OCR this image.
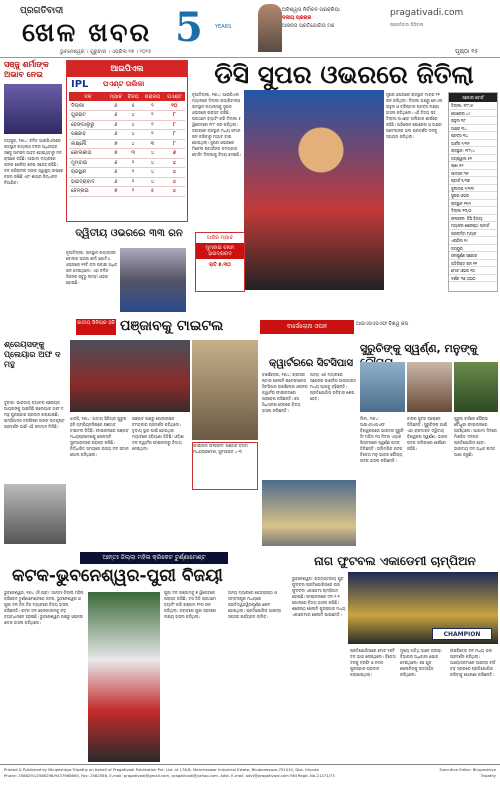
ପ୍ରଗତିବାଦୀ
ଖେଳ ଖବର
ଭୁବନେଶ୍ୱର । ଗୁରୁବାର । ଏପ୍ରିଲ ୧୭ । ୨୦୨୫
5 YEARS
ଅବିଶ୍ୱାସ ନିର୍ବାଚନ ପ୍ରକ୍ରିୟା
ଦଳୀୟ ପ୍ରଚାର
ଆସନ୍ତା ପ୍ରତିଯୋଗିତା ମଞ୍ଚ
pragativadi.com
ପ୍ରଗତିବାଦୀ ଡିଜିଟାଲ
ପୃଷ୍ଠା ୧୫
ସଞ୍ଜୁ ଶର୍ମାଙ୍କ ଅଭାବ ନେଇ
ଜୟପୁର, ୧୬ା୪: ଚଳିତ ଆଇପିଏଲରେ ରାଜସ୍ଥାନ ରୟାଲ୍ସ ଦଳର ଅଧିନାୟକ ସଞ୍ଜୁ ସାମସନ ଆହତ ହୋଇଥିବାରୁ ଦଳ ଚାପରେ ରହିଛି। ଆଗାମୀ ମ୍ୟାଚରେ ତାଙ୍କ ଖେଳିବା ନେଇ ସନ୍ଦେହ ରହିଛି। ଦଳ ପରିଚାଳନା ତାଙ୍କ ସ୍ୱାସ୍ଥ୍ୟ ଉପରେ ନଜର ରଖିଛି ଏବଂ ଶୀଘ୍ର ସିଦ୍ଧାନ୍ତ ନିଆଯିବ।
ଆଇପିଏଲ
IPL ପଏଣ୍ଟ ତାଲିକା
ଦଳ	ମ୍ୟାଚ	ବିଜୟ	ପରାଜୟ	ପଏଣ୍ଟ
ଦିଲ୍ଲୀ	୬	୫	୧	୧୦
ଗୁଜରାଟ	୬	୪	୨	୮
ବେଙ୍ଗାଲୁରୁ	୬	୪	୨	୮
ପଞ୍ଜାବ	୬	୪	୨	୮
ଲକ୍ଷ୍ନୌ	୭	୪	୩	୮
କୋଲକାତା	୭	୩	୪	୬
ମୁମ୍ବାଇ	୬	୨	୪	୪
ରାଜସ୍ଥାନ	୬	୨	୪	୪
ହାଇଦ୍ରାବାଦ	୬	୨	୪	୪
ଚେନ୍ନାଇ	୭	୨	୫	୪
ଡିସି ସୁପର ଓଭରରେ ଜିତିଲା
ନୂଆଦିଲ୍ଲୀ, ୧୬ା୪: ଆଇପିଏଲ ମ୍ୟାଚରେ ଦିଲ୍ଲୀ କ୍ୟାପିଟାଲ୍ସ ରାଜସ୍ଥାନ ରୟାଲ୍ସକୁ ସୁପର ଓଭରରେ ପରାସ୍ତ କରିଛି। ପ୍ରଥମେ ବ୍ୟାଟିଂ କରି ଦିଲ୍ଲୀ ୫ ୱିକେଟରେ ୧୮୮ ରନ କରିଥିଲା। ଜବାବରେ ରାଜସ୍ଥାନ ମଧ୍ୟ ସମାନ ରନ କରିବାରୁ ମ୍ୟାଚ ଟାଇ ହୋଇଥିଲା। ସୁପର ଓଭରରେ ମିଚେଲ ଷ୍ଟାର୍କଙ୍କ ଚମତ୍କାର ବୋଲିଂ ଦିଲ୍ଲୀକୁ ବିଜୟ ଦେଇଛି।
ସୁପର ଓଭରରେ ରାଜସ୍ଥାନ ମାତ୍ର ୧୧ ରନ କରିଥିଲା। ଦିଲ୍ଲୀ ପକ୍ଷରୁ କେଏଲ ରାହୁଲ ଓ ଟ୍ରିଷ୍ଟାନ ଷ୍ଟବ୍ସ ଲକ୍ଷ୍ୟ ହାସଲ କରିଥିଲେ। ଏହି ବିଜୟ ସହ ଦିଲ୍ଲୀ ପଏଣ୍ଟ ତାଲିକାର ଶୀର୍ଷରେ ରହିଛି। ଅଭିଷେକ ପୋରେଲ ଓ ଅକ୍ଷର ପଟେଲଙ୍କ ଭଲ ପ୍ରଦର୍ଶନ ଦଳକୁ ସହାୟତା କରିଥିଲା।
ଆଜିର ମ୍ୟାଚ
ମୁମ୍ବାଇ ବନାମ ହାଇଦ୍ରାବାଦ
ରାତି ୭.୩୦
ସ୍କୋର ବୋର୍ଡ
ଦିଲ୍ଲୀ: ୧୮୮/୫
ପୋରେଲ ୪୯
ରାହୁଲ ୩୮
ଅକ୍ଷର ୩୪
ଷ୍ଟବ୍ସ ୩୪
ଆର୍ଚର ୨/୩୨
ରାଜସ୍ଥାନ: ୧୮୮/୪
ଜୟସ୍ୱାଲ ୫୧
ରାଣା ୫୧
ସାମସନ ୩୧
ଷ୍ଟାର୍କ ୧/୩୬
କୁଲଦୀପ ୨/୩୩
ସୁପର ଓଭର
ରାଜସ୍ଥାନ ୧୧/୨
ଦିଲ୍ଲୀ ୧୩/୦
ଫଳାଫଳ: ଡିସି ବିଜୟୀ
ମ୍ୟାଚର ଶ୍ରେଷ୍ଠ: ଷ୍ଟାର୍କ
ପରବର୍ତ୍ତୀ ମ୍ୟାଚ
ଏପ୍ରିଲ ୧୯
ଜୟପୁର
ସମ୍ପୂର୍ଣ୍ଣ ସ୍କୋର
ଅତିରିକ୍ତ ରନ ୧୧
ମୋଟ ଓଭର ୨୦
ଦର୍ଶକ ୩୫,୦୦୦
ଦ୍ୱିତୀୟ ଓଭରରେ ୩୩ ରନ
ନୂଆଦିଲ୍ଲୀ: ରାଜସ୍ଥାନ ରୟାଲ୍ସର ବୋଲର ସନ୍ଦୀପ ଶର୍ମା ଗୋଟିଏ ଓଭରରେ ୧୧ଟି ବଲ ପକାଇ ଅଧିକ ରନ ଦେଇଥିଲେ। ଏହା ଚଳିତ ସିଜନର ସବୁଠୁ ଲମ୍ବା ଓଭର ହୋଇଛି।
ଜାତୀୟ ସିନିୟର ହକି ପଞ୍ଜାବକୁ ଟାଇଟଲ	ବାର୍ସେଲୋନା ଓପନ	ଆଇଏସଏସଏଫ ବିଶ୍ୱ କପ
ଶ୍ରେୟସଙ୍କୁ ପ୍ଲେୟାର ଅଫ ଦ ମନ୍ଥ
ଦୁବାଇ: ଭାରତୀୟ ବ୍ୟାଟର ଶ୍ରେୟସ ଆୟରଙ୍କୁ ଆଇସିସି ପ୍ଲେୟାର ଅଫ ଦ ମନ୍ଥ ପୁରସ୍କାର ପ୍ରଦାନ କରାଯାଇଛି। ଚାମ୍ପିଅନ୍ସ ଟ୍ରଫିରେ ତାଙ୍କ ଉତ୍କୃଷ୍ଟ ପ୍ରଦର୍ଶନ ପାଇଁ ଏହି ସମ୍ମାନ ମିଳିଛି।
ଝାନ୍ସି, ୧୬ା୪: ଜାତୀୟ ସିନିୟର ପୁରୁଷ ହକି ଚାମ୍ପିୟନସିପରେ ପଞ୍ଜାବ ଟାଇଟଲ ଜିତିଛି। ଫାଇନାଲରେ ପଞ୍ଜାବ ମଧ୍ୟପ୍ରଦେଶକୁ ପେନାଲ୍ଟି ସୁଟଆଉଟରେ ପରାସ୍ତ କରିଛି। ନିର୍ଦ୍ଧାରିତ ସମୟରେ ଉଭୟ ଦଳ ସମାନ ଗୋଲ କରିଥିଲେ।
ପଞ୍ଜାବ ପକ୍ଷରୁ ଗୋଲରକ୍ଷକ ଚମତ୍କାର ପ୍ରଦର୍ଶନ କରିଥିଲେ। ତୃତୀୟ ସ୍ଥାନ ପାଇଁ ହୋଇଥିବା ମ୍ୟାଚରେ ହରିୟାଣା ଜିତିଛି। ଓଡ଼ିଶା ଦଳ କ୍ୱାର୍ଟର ଫାଇନାଲରୁ ବିଦାୟ ନେଇଥିଲା।
ଫାଇନାଲ ଫଳାଫଳ: ପଞ୍ଜାବ ବନାମ ମଧ୍ୟପ୍ରଦେଶ, ସୁଟଆଉଟ ୪-୩
କ୍ୱାର୍ଟରରେ ସିଟସିପାସ
ବାର୍ସେଲୋନା, ୧୬ା୪: ଗ୍ରୀସର ଷ୍ଟାର ଖେଳାଳି ଷ୍ଟେଫାନୋସ ସିଟସିପାସ ବାର୍ସେଲୋନା ଓପନର କ୍ୱାର୍ଟର ଫାଇନାଲରେ ପ୍ରବେଶ କରିଛନ୍ତି। ସେ ସିଧାସଳଖ ସେଟରେ ବିଜୟ ହାସଲ କରିଛନ୍ତି।
ଅନ୍ୟ ଏକ ମ୍ୟାଚରେ ସ୍ପେନର କାର୍ଲୋସ ଆଲକାରାଜ ମଧ୍ୟ ଆଗକୁ ବଢ଼ିଛନ୍ତି। ପ୍ରତିଯୋଗିତା ରବିବାର ଶେଷ ହେବ।
ସୁରୁଚିଙ୍କୁ ସ୍ୱର୍ଣ୍ଣ, ମନୁଙ୍କୁ
ଲିମା, ୧୬ା୪: ଆଇଏସଏସଏଫ ବିଶ୍ୱକପରେ ଭାରତର ସୁରୁଚି ସିଂ ମହିଳା ୧୦ ମିଟର ଏୟାର ପିସ୍ତଲରେ ସ୍ୱର୍ଣ୍ଣ ପଦକ ଜିତିଛନ୍ତି। ଅଲିମ୍ପିକ ପଦକ ବିଜେତା ମନୁ ଭାକର ରୌପ୍ୟ ପଦକ ହାସଲ କରିଛନ୍ତି।
ଚୀନର ସୁଟର ବ୍ରୋଞ୍ଜ ଜିତିଛନ୍ତି। ସୁରୁଚିଙ୍କ ପାଇଁ ଏହା କ୍ରମାଗତ ଦ୍ୱିତୀୟ ବିଶ୍ୱକପ ସ୍ୱର୍ଣ୍ଣ। ଭାରତ ପଦକ ତାଲିକାରେ ଶୀର୍ଷରେ ରହିଛି।
ପୁରୁଷ ବର୍ଗରେ ସୌରଭ ଚୌଧୁରୀ ଫାଇନାଲରେ ପହଞ୍ଚିଥିଲେ। ଆଗାମୀ ଦିନରେ ମିଶ୍ରିତ ଦଳଗତ ପ୍ରତିଯୋଗିତା ହେବ। ଭାରତୀୟ ଦଳ ଅଧିକ ପଦକ ଆଶା କରୁଛି।
ଆନ୍ତଃ ଜିଲ୍ଲା ମହିଳା କ୍ରିକେଟ ଟୁର୍ଣ୍ଣାମେଣ୍ଟ
କଟକ-ଭୁବନେଶ୍ୱର-ପୁରୀ ବିଜୟୀ
ଭୁବନେଶ୍ୱର, ୧୬ା୪ (ନି.ପ୍ର): ଆନ୍ତଃ ଜିଲ୍ଲା ମହିଳା କ୍ରିକେଟ ଟୁର୍ଣ୍ଣାମେଣ୍ଟରେ କଟକ, ଭୁବନେଶ୍ୱର ଓ ପୁରୀ ଦଳ ନିଜ ନିଜ ମ୍ୟାଚରେ ବିଜୟ ହାସଲ କରିଛନ୍ତି। କଟକ ଦଳ ଢେଙ୍କାନାଳକୁ ବଡ଼ ବ୍ୟବଧାନରେ ହରାଇଛି। ଭୁବନେଶ୍ୱର ପକ୍ଷରୁ ଓପନର ଶତକ ହାସଲ କରିଥିଲେ।
ପୁରୀ ଦଳ ଗଞ୍ଜାମକୁ ୭ ୱିକେଟରେ ପରାସ୍ତ କରିଛି। ଟସ ଜିତି ପ୍ରଥମେ ବ୍ୟାଟିଂ କରି ଗଞ୍ଜାମ ୧୨୦ ରନ କରିଥିଲା। ଜବାବରେ ପୁରୀ ସହଜରେ ଲକ୍ଷ୍ୟ ହାସଲ କରିଥିଲା।
ଅନ୍ୟ ମ୍ୟାଚରେ କେନ୍ଦ୍ରାପଡ଼ା ଓ ସମ୍ବଲପୁର ମଧ୍ୟରେ ପ୍ରତିଦ୍ୱନ୍ଦ୍ୱିତାପୂର୍ଣ୍ଣ ଖେଳ ହୋଇଥିଲା। ପ୍ରତିଯୋଗିତା ଆସନ୍ତା ସପ୍ତାହ ପର୍ଯ୍ୟନ୍ତ ଚାଲିବ।
ନାଗ ଫୁଟବଲ ଏକାଡେମୀ ଚାମ୍ପିଅନ
CHAMPION
ଭୁବନେଶ୍ୱର: ରାଜ୍ୟସ୍ତରୀୟ ଯୁବ ଫୁଟବଲ ପ୍ରତିଯୋଗିତାରେ ନାଗ ଫୁଟବଲ ଏକାଡେମୀ ଚାମ୍ପିଅନ ହୋଇଛି। ଫାଇନାଲରେ ଦଳ ୨-୧ ଗୋଲରେ ବିଜୟ ହାସଲ କରିଛି। ଶ୍ରେଷ୍ଠ ଖେଳାଳି ପୁରସ୍କାର ମଧ୍ୟ ଏକାଡେମୀର ଖେଳାଳି ପାଇଛନ୍ତି।
ପ୍ରତିଯୋଗିତାରେ ମୋଟ ୧୬ଟି ଦଳ ଭାଗ ନେଇଥିଲେ। ବିଜେତା ଦଳକୁ ଟ୍ରଫି ଓ ନଗଦ ପୁରସ୍କାର ପ୍ରଦାନ କରାଯାଇଥିଲା।
ମୁଖ୍ୟ ଅତିଥି ଭାବେ କ୍ରୀଡ଼ା ବିଭାଗର ଅଧିକାରୀ ଯୋଗ ଦେଇଥିଲେ। ସେ ଯୁବ ଖେଳାଳିଙ୍କୁ ଉତ୍ସାହିତ କରିଥିଲେ।
ଉପବିଜେତା ଦଳ ମଧ୍ୟ ଭଲ ପ୍ରଦର୍ଶନ କରିଥିଲା। ଆୟୋଜକମାନେ ଆସନ୍ତା ବର୍ଷ ବଡ଼ ସ୍ତରରେ ପ୍ରତିଯୋଗିତା କରିବାକୁ ଘୋଷଣା କରିଛନ୍ତି।
Printed & Published by Bhupeshkya Tripathy on behalf of Pragativadi Publication Pvt. Ltd. at 178-B, Mancheswar Industrial Estate, Bhubaneswar-751010, Dist. Khurda
Phone: 2588291/2588298/9437968665, Fax: 2582586, E-mail: pragativadi@gmail.com, pragativadi@yahoo.com, Advt. E-mail: advt@pragativadi.com RNI Regd. No-21271/73
Executive Editor: Bhupeshkya Tripathy
